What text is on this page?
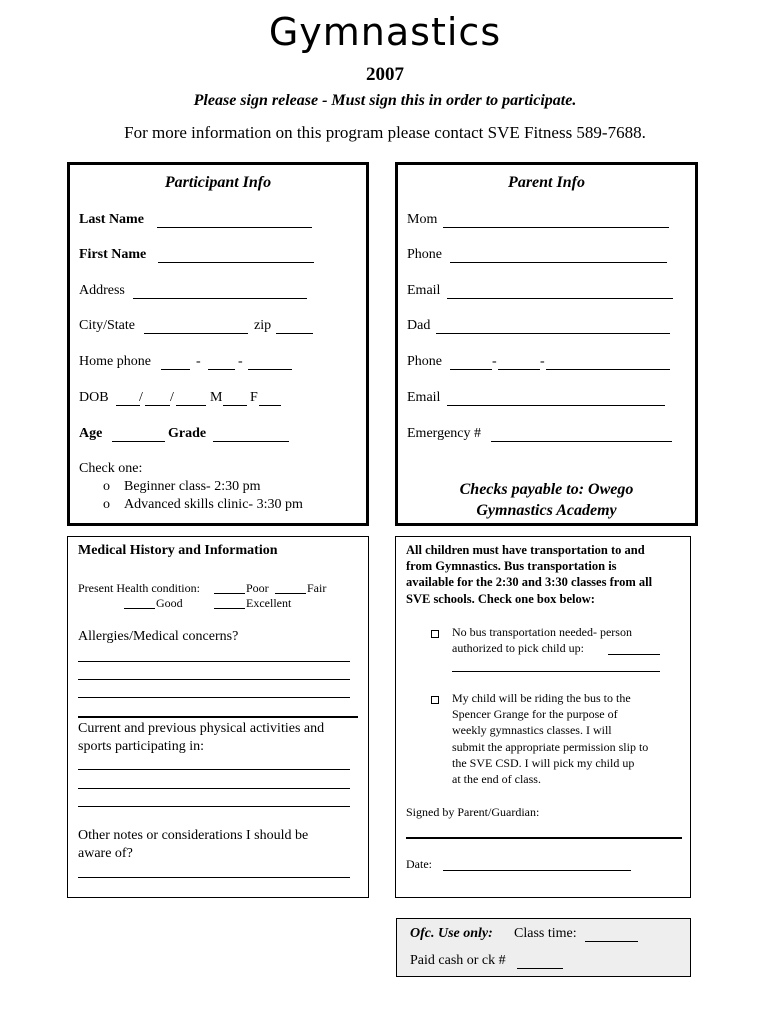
Gymnastics
2007
Please sign release - Must sign this in order to participate.
For more information on this program please contact SVE Fitness 589-7688.
Participant Info
Last Name
First Name
Address
City/State	zip
Home phone	-	-
DOB / /	M F
Age	Grade
Check one:
o Beginner class- 2:30 pm
o Advanced skills clinic- 3:30 pm
Parent Info
Mom
Phone
Email
Dad
Phone	-	-
Email
Emergency #
Checks payable to: Owego
Gymnastics Academy
Medical History and Information
Present Health condition:	Poor	Fair
Good	Excellent
Allergies/Medical concerns?
Current and previous physical activities and
sports participating in:
Other notes or considerations I should be
aware of?
All children must have transportation to and
from Gymnastics. Bus transportation is
available for the 2:30 and 3:30 classes from all
SVE schools. Check one box below:
No bus transportation needed- person
authorized to pick child up:
My child will be riding the bus to the
Spencer Grange for the purpose of
weekly gymnastics classes. I will
submit the appropriate permission slip to
the SVE CSD. I will pick my child up
at the end of class.
Signed by Parent/Guardian:
Date:
Ofc. Use only: Class time:
Paid cash or ck #
